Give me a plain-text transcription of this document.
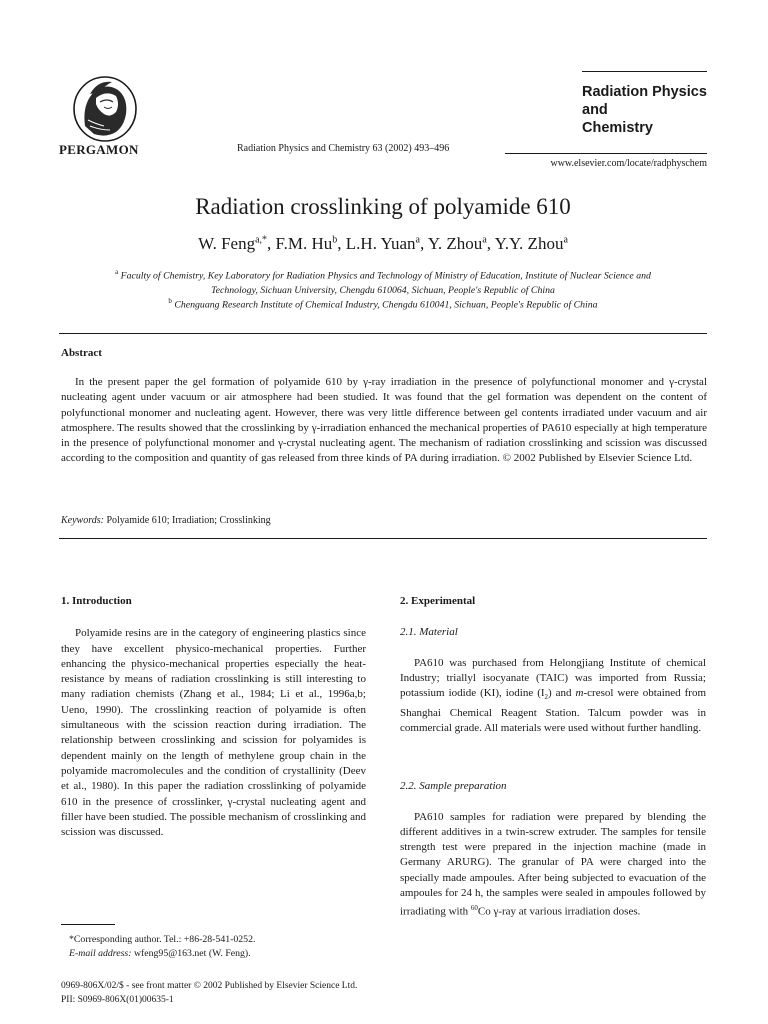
PERGAMON	Radiation Physics and Chemistry 63 (2002) 493–496
Radiation Physics
and
Chemistry
www.elsevier.com/locate/radphyschem
Radiation crosslinking of polyamide 610
W. Feng$^{a,*}$, F.M. Hu$^b$, L.H. Yuan$^a$, Y. Zhou$^a$, Y.Y. Zhou$^a$
$^a$ Faculty of Chemistry, Key Laboratory for Radiation Physics and Technology of Ministry of Education, Institute of Nuclear Science and
Technology, Sichuan University, Chengdu 610064, Sichuan, People's Republic of China
$^b$ Chenguang Research Institute of Chemical Industry, Chengdu 610041, Sichuan, People's Republic of China
Abstract
In the present paper the gel formation of polyamide 610 by γ-ray irradiation in the presence of polyfunctional monomer and γ-crystal nucleating agent under vacuum or air atmosphere had been studied. It was found that the gel formation was dependent on the content of polyfunctional monomer and nucleating agent. However, there was very little difference between gel contents irradiated under vacuum and air atmosphere. The results showed that the crosslinking by γ-irradiation enhanced the mechanical properties of PA610 especially at high temperature in the presence of polyfunctional monomer and γ-crystal nucleating agent. The mechanism of radiation crosslinking and scission was discussed according to the composition and quantity of gas released from three kinds of PA during irradiation. © 2002 Published by Elsevier Science Ltd.
Keywords: Polyamide 610; Irradiation; Crosslinking
1. Introduction
Polyamide resins are in the category of engineering plastics since they have excellent physico-mechanical properties. Further enhancing the physico-mechanical properties especially the heat-resistance by means of radiation crosslinking is still interesting to many radiation chemists (Zhang et al., 1984; Li et al., 1996a,b; Ueno, 1990). The crosslinking reaction of polyamide is often simultaneous with the scission reaction during irradiation. The relationship between crosslinking and scission for polyamides is dependent mainly on the length of methylene group chain in the polyamide macromolecules and the condition of crystallinity (Deev et al., 1980). In this paper the radiation crosslinking of polyamide 610 in the presence of crosslinker, γ-crystal nucleating agent and filler have been studied. The possible mechanism of crosslinking and scission was discussed.
2. Experimental
2.1. Material
PA610 was purchased from Helongjiang Institute of chemical Industry; triallyl isocyanate (TAIC) was imported from Russia; potassium iodide (KI), iodine $(I_2)$ and m-cresol were obtained from Shanghai Chemical Reagent Station. Talcum powder was in commercial grade. All materials were used without further handling.
2.2. Sample preparation
PA610 samples for radiation were prepared by blending the different additives in a twin-screw extruder. The samples for tensile strength test were prepared in the injection machine (made in Germany ARURG). The granular of PA were charged into the specially made ampoules. After being subjected to evacuation of the ampoules for 24 h, the samples were sealed in ampoules followed by irradiating with $^{60}$Co γ-ray at various irradiation doses.
*Corresponding author. Tel.: +86-28-541-0252.
E-mail address: wfeng95@163.net (W. Feng).
0969-806X/02/$ - see front matter © 2002 Published by Elsevier Science Ltd.
PII: S0969-806X(01)00635-1
